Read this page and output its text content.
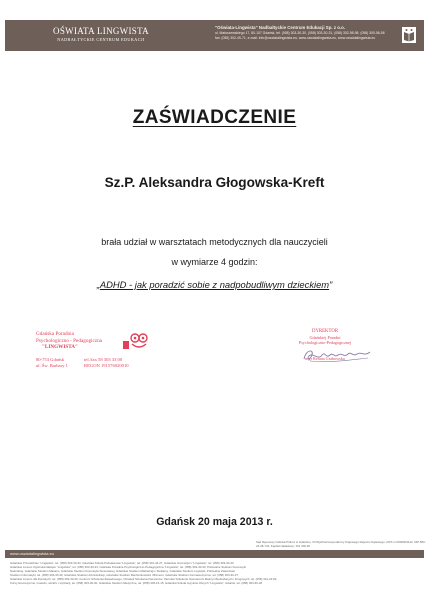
OŚWIATA LINGWISTA
NADBAŁTYCKIE CENTRUM EDUKACJI
"Oświata-Lingwista" Nadbałtyckie Centrum Edukacji Sp. z o.o.
ul. Matuszewskiego 17, 80-107 Gdańsk, tel. (058) 303-30-30, (058) 303-30-31, (058) 302-98-98, (058) 300-56-56
fax: (058) 302-49-71, e-mail: info@oswiatalingwista.eu, www.oswiatalingwista.eu, www.oswiatalingwista.eu
ZAŚWIADCZENIE
Sz.P. Aleksandra Głogowska-Kreft
brała udział w warsztatach metodycznych dla nauczycieli
w wymiarze 4 godzin:
„ADHD - jak poradzić sobie z nadpobudliwym dzieckiem”
Gdańska Poradnia
Psychologiczno - Pedagogiczna
"LINGWISTA"
80-753 Gdańsk
ul. Św. Barbary 1
tel./fax 58 303 33 00
REGON 191576020010
DYREKTOR
Gdańskiej Poradni
Psychologiczno-Pedagogicznej
mgr Renata Grabowska
Gdańsk 20 maja 2013 r.
Sąd Rejonowy Gdańsk-Północ w Gdańsku, VII Wydział Gospodarczy Krajowego Rejestru Sądowego, KRS nr 0000004142, NIP 583-24-48-742, Kapitał zakładowy: 161 300,00
www.oswiatalingwista.eu
Gdańskie Przedszkole "Lingwista", tel. (058) 303-30-33, Gdańska Szkoła Podstawowa "Lingwista", tel. (058) 301-43-27, Gdańskie Gimnazjum "Lingwista", tel. (058) 303-30-30
Gdańskie Liceum Ogólnokształcące "Lingwista", tel. (058) 303-30-33, Gdańska Poradnia Psychologiczno-Pedagogiczna "Lingwista", tel. (058) 303-30-33, Policealne Studium Kosmetyki
Naturalnej, Gdańskie Studium Masażu, Gdańskie Studium Kosmetyki Stosowanej, Gdańskie Studium Marketingu i Reklamy, Gdańskie Studium Logistyki, Policealne Zawodowe
Studium Informatyki, tel. (058) 303-30-30, Gdańskie Studium Administracji, Gdańskie Studium Rachunkowości i Biznesu, Gdańskie Studium Farmaceutyczne, tel. (058) 303-30-37,
Gdańskie Liceum dla Dorosłych, tel. (058) 303-30-30, Centrum Szkolenia Zawodowego, Ośrodek Szkolenia Kierowców, Ośrodek Szkolenia Operatorów Maszyn Budowlanych i Drogowych, tel. (058) 341-22-82,
Kursy kosmetyczne, masażu, wizażu i stylizacji, tel. (058) 303-30-30, Gdańskie Studium Medyczne, tel. (058) 345-15-15, Gdańska Szkoła Języków Obcych "Lingwista", Gdańsk, tel. (058) 303-30-30
